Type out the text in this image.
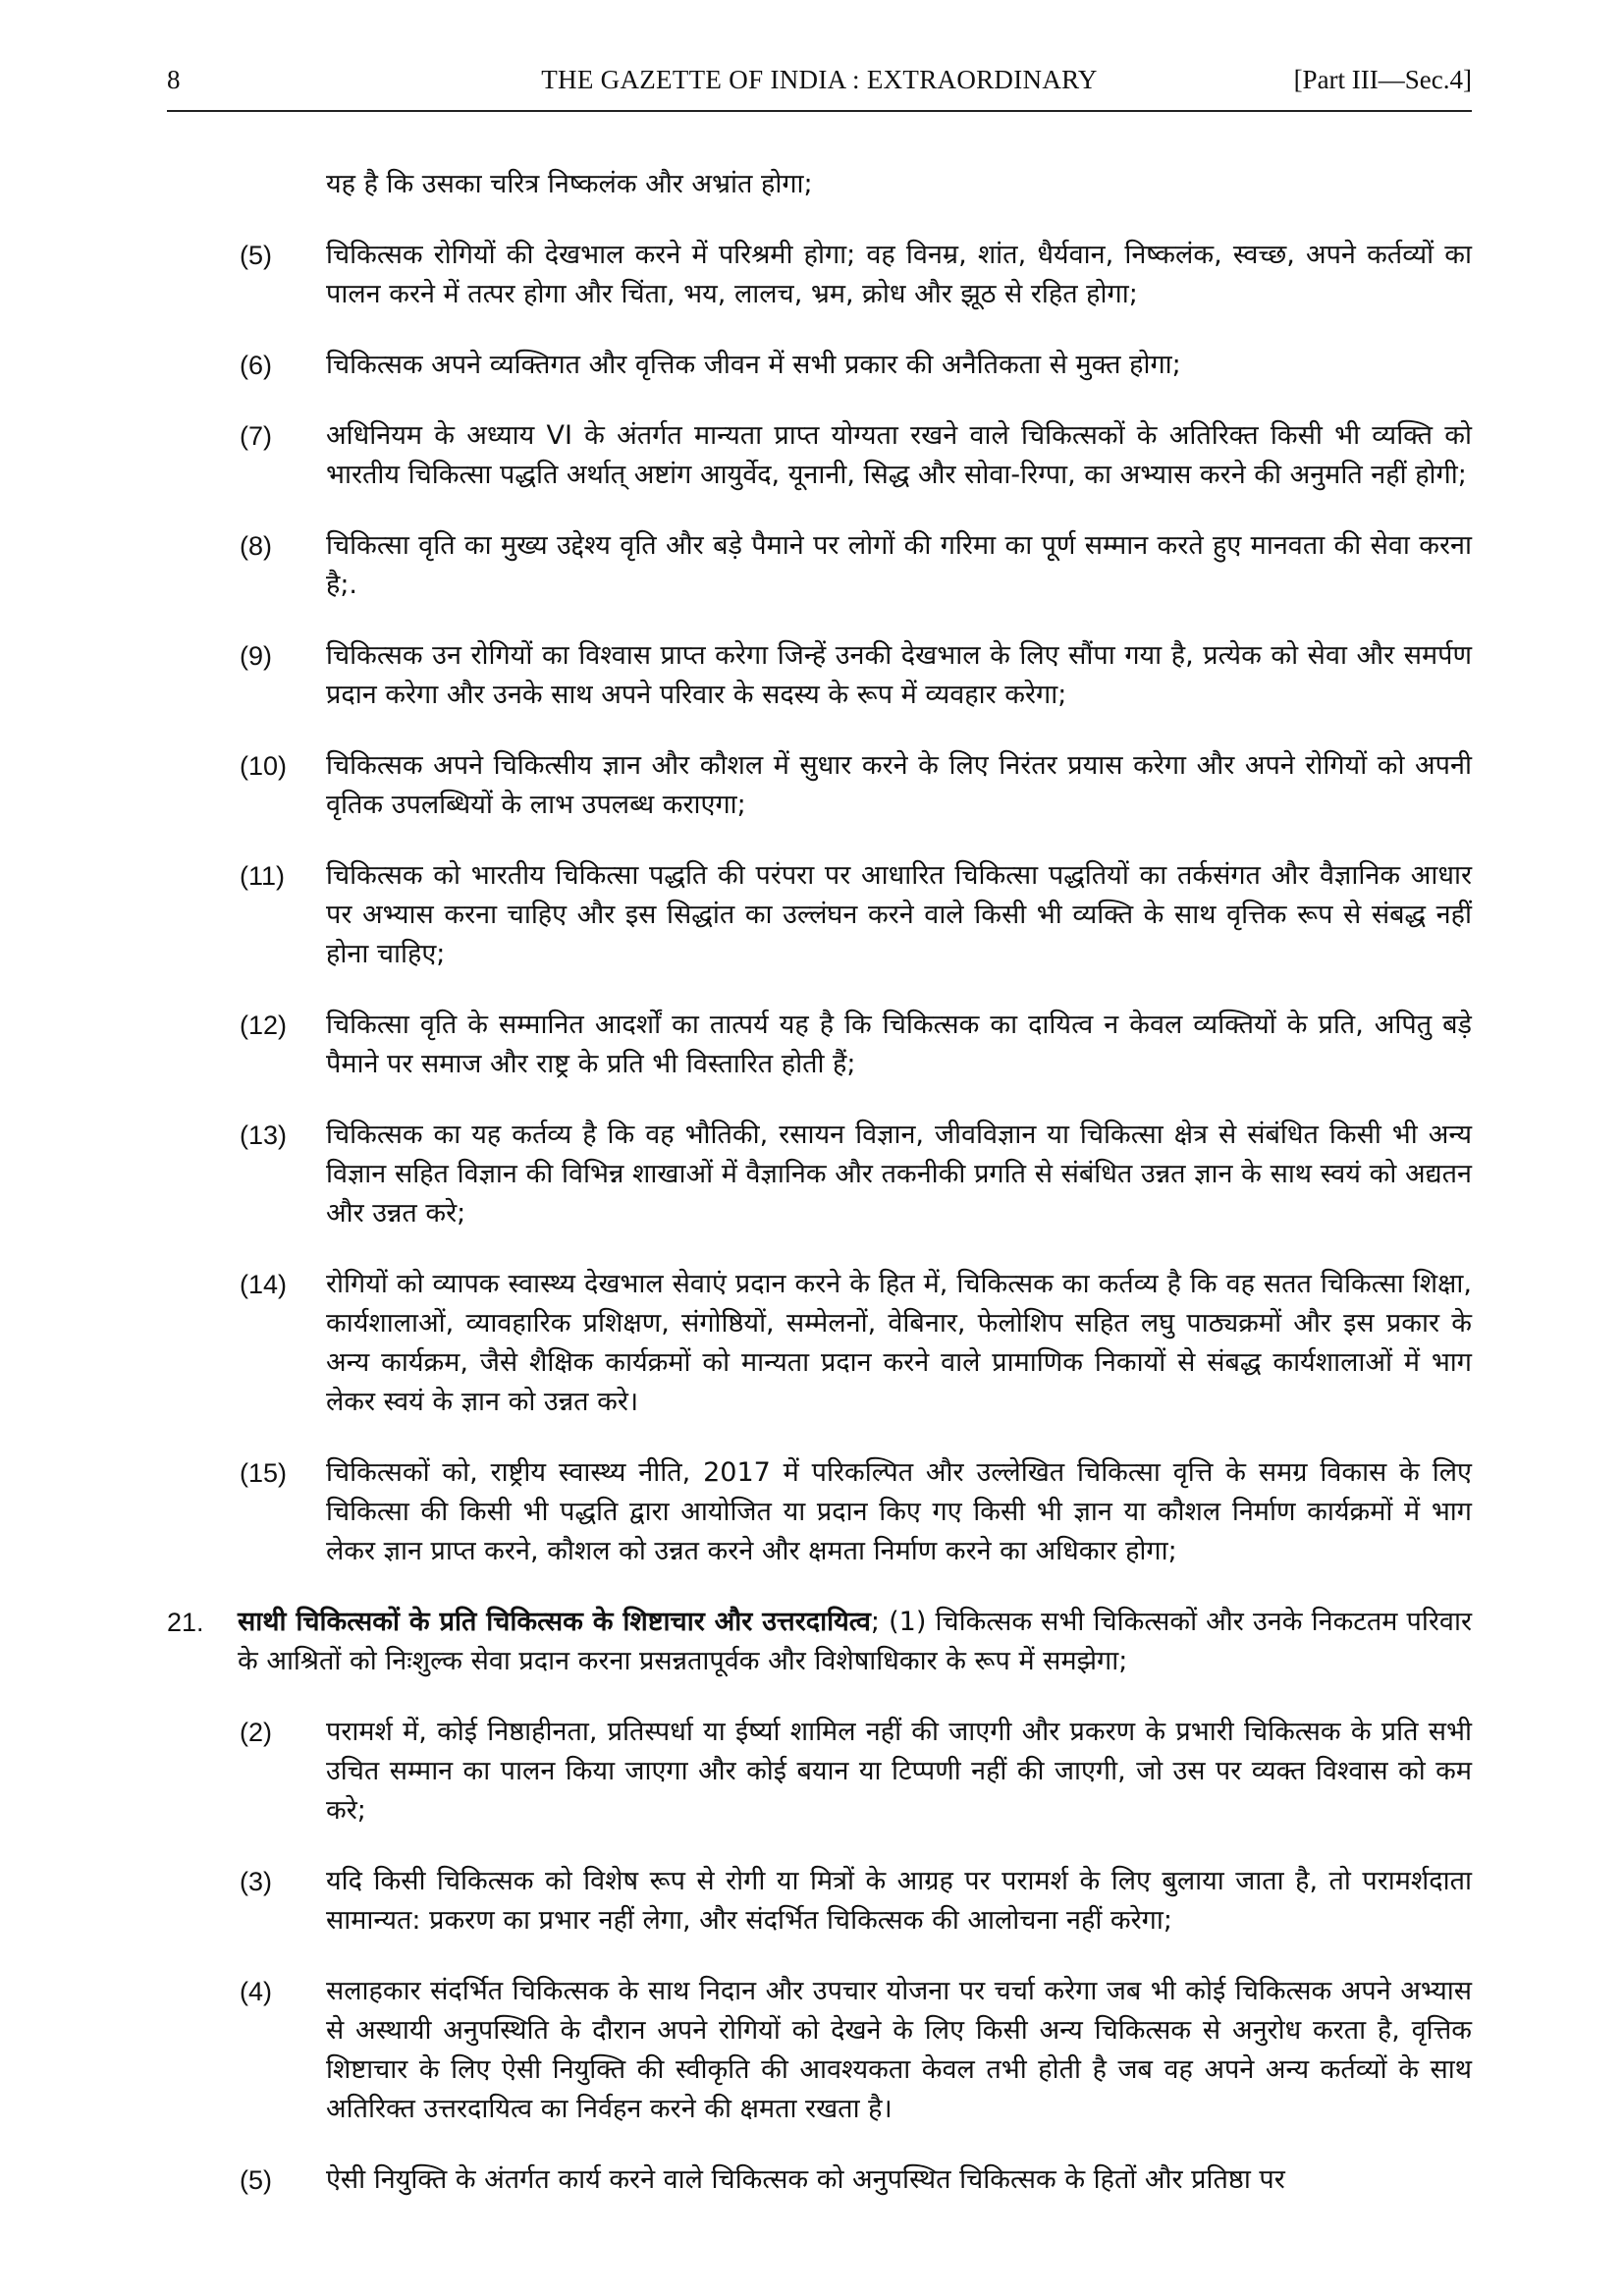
8	THE GAZETTE OF INDIA : EXTRAORDINARY	[Part III—Sec.4]

यह है कि उसका चरित्र निष्कलंक और अभ्रांत होगा;

(5)	चिकित्सक रोगियों की देखभाल करने में परिश्रमी होगा; वह विनम्र, शांत, धैर्यवान, निष्कलंक, स्वच्छ, अपने कर्तव्यों का पालन करने में तत्पर होगा और चिंता, भय, लालच, भ्रम, क्रोध और झूठ से रहित होगा;
(6)	चिकित्सक अपने व्यक्तिगत और वृत्तिक जीवन में सभी प्रकार की अनैतिकता से मुक्त होगा;
(7)	अधिनियम के अध्याय VI के अंतर्गत मान्यता प्राप्त योग्यता रखने वाले चिकित्सकों के अतिरिक्त किसी भी व्यक्ति को भारतीय चिकित्सा पद्धति अर्थात् अष्टांग आयुर्वेद, यूनानी, सिद्ध और सोवा-रिग्पा, का अभ्यास करने की अनुमति नहीं होगी;
(8)	चिकित्सा वृति का मुख्य उद्देश्य वृति और बड़े पैमाने पर लोगों की गरिमा का पूर्ण सम्मान करते हुए मानवता की सेवा करना है;.
(9)	चिकित्सक उन रोगियों का विश्वास प्राप्त करेगा जिन्हें उनकी देखभाल के लिए सौंपा गया है, प्रत्येक को सेवा और समर्पण प्रदान करेगा और उनके साथ अपने परिवार के सदस्य के रूप में व्यवहार करेगा;
(10)	चिकित्सक अपने चिकित्सीय ज्ञान और कौशल में सुधार करने के लिए निरंतर प्रयास करेगा और अपने रोगियों को अपनी वृतिक उपलब्धियों के लाभ उपलब्ध कराएगा;
(11)	चिकित्सक को भारतीय चिकित्सा पद्धति की परंपरा पर आधारित चिकित्सा पद्धतियों का तर्कसंगत और वैज्ञानिक आधार पर अभ्यास करना चाहिए और इस सिद्धांत का उल्लंघन करने वाले किसी भी व्यक्ति के साथ वृत्तिक रूप से संबद्ध नहीं होना चाहिए;
(12)	चिकित्सा वृति के सम्मानित आदर्शों का तात्पर्य यह है कि चिकित्सक का दायित्व न केवल व्यक्तियों के प्रति, अपितु बड़े पैमाने पर समाज और राष्ट्र के प्रति भी विस्तारित होती हैं;
(13)	चिकित्सक का यह कर्तव्य है कि वह भौतिकी, रसायन विज्ञान, जीवविज्ञान या चिकित्सा क्षेत्र से संबंधित किसी भी अन्य विज्ञान सहित विज्ञान की विभिन्न शाखाओं में वैज्ञानिक और तकनीकी प्रगति से संबंधित उन्नत ज्ञान के साथ स्वयं को अद्यतन और उन्नत करे;
(14)	रोगियों को व्यापक स्वास्थ्य देखभाल सेवाएं प्रदान करने के हित में, चिकित्सक का कर्तव्य है कि वह सतत चिकित्सा शिक्षा, कार्यशालाओं, व्यावहारिक प्रशिक्षण, संगोष्ठियों, सम्मेलनों, वेबिनार, फेलोशिप सहित लघु पाठ्यक्रमों और इस प्रकार के अन्य कार्यक्रम, जैसे शैक्षिक कार्यक्रमों को मान्यता प्रदान करने वाले प्रामाणिक निकायों से संबद्ध कार्यशालाओं में भाग लेकर स्वयं के ज्ञान को उन्नत करे।
(15)	चिकित्सकों को, राष्ट्रीय स्वास्थ्य नीति, 2017 में परिकल्पित और उल्लेखित चिकित्सा वृत्ति के समग्र विकास के लिए चिकित्सा की किसी भी पद्धति द्वारा आयोजित या प्रदान किए गए किसी भी ज्ञान या कौशल निर्माण कार्यक्रमों में भाग लेकर ज्ञान प्राप्त करने, कौशल को उन्नत करने और क्षमता निर्माण करने का अधिकार होगा;
21.	साथी चिकित्सकों के प्रति चिकित्सक के शिष्टाचार और उत्तरदायित्व; (1) चिकित्सक सभी चिकित्सकों और उनके निकटतम परिवार के आश्रितों को निःशुल्क सेवा प्रदान करना प्रसन्नतापूर्वक और विशेषाधिकार के रूप में समझेगा;
(2)	परामर्श में, कोई निष्ठाहीनता, प्रतिस्पर्धा या ईर्ष्या शामिल नहीं की जाएगी और प्रकरण के प्रभारी चिकित्सक के प्रति सभी उचित सम्मान का पालन किया जाएगा और कोई बयान या टिप्पणी नहीं की जाएगी, जो उस पर व्यक्त विश्वास को कम करे;
(3)	यदि किसी चिकित्सक को विशेष रूप से रोगी या मित्रों के आग्रह पर परामर्श के लिए बुलाया जाता है, तो परामर्शदाता सामान्यत: प्रकरण का प्रभार नहीं लेगा, और संदर्भित चिकित्सक की आलोचना नहीं करेगा;
(4)	सलाहकार संदर्भित चिकित्सक के साथ निदान और उपचार योजना पर चर्चा करेगा जब भी कोई चिकित्सक अपने अभ्यास से अस्थायी अनुपस्थिति के दौरान अपने रोगियों को देखने के लिए किसी अन्य चिकित्सक से अनुरोध करता है, वृत्तिक शिष्टाचार के लिए ऐसी नियुक्ति की स्वीकृति की आवश्यकता केवल तभी होती है जब वह अपने अन्य कर्तव्यों के साथ अतिरिक्त उत्तरदायित्व का निर्वहन करने की क्षमता रखता है।
(5)	ऐसी नियुक्ति के अंतर्गत कार्य करने वाले चिकित्सक को अनुपस्थित चिकित्सक के हितों और प्रतिष्ठा पर
